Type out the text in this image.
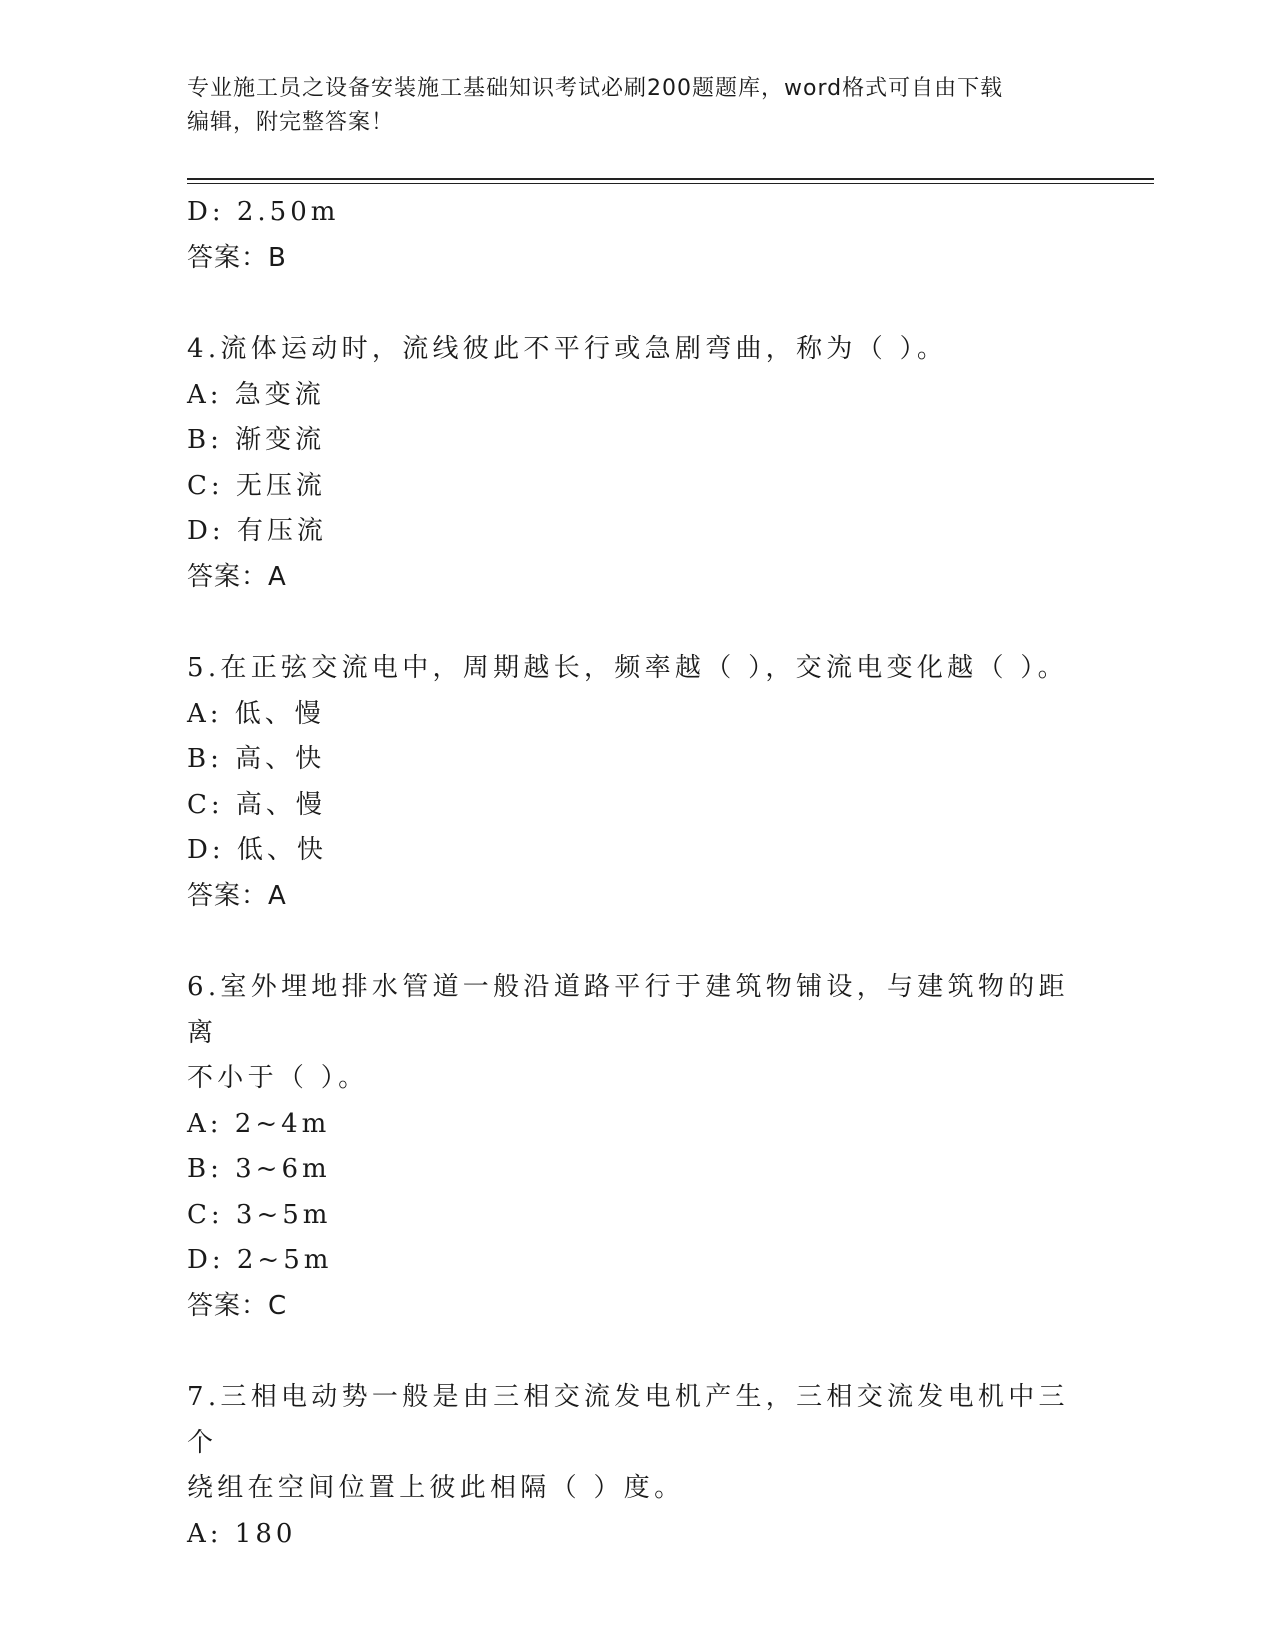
专业施工员之设备安装施工基础知识考试必刷200题题库，word格式可自由下载
编辑，附完整答案！
D: 2.50m
答案：B
4.流体运动时，流线彼此不平行或急剧弯曲，称为（ ）。
A: 急变流
B: 渐变流
C: 无压流
D: 有压流
答案：A
5.在正弦交流电中，周期越长，频率越（ ），交流电变化越（ ）。
A: 低、慢
B: 高、快
C: 高、慢
D: 低、快
答案：A
6.室外埋地排水管道一般沿道路平行于建筑物铺设，与建筑物的距离
不小于（ ）。
A: 2~4m
B: 3~6m
C: 3~5m
D: 2~5m
答案：C
7.三相电动势一般是由三相交流发电机产生，三相交流发电机中三个
绕组在空间位置上彼此相隔（ ）度。
A: 180
